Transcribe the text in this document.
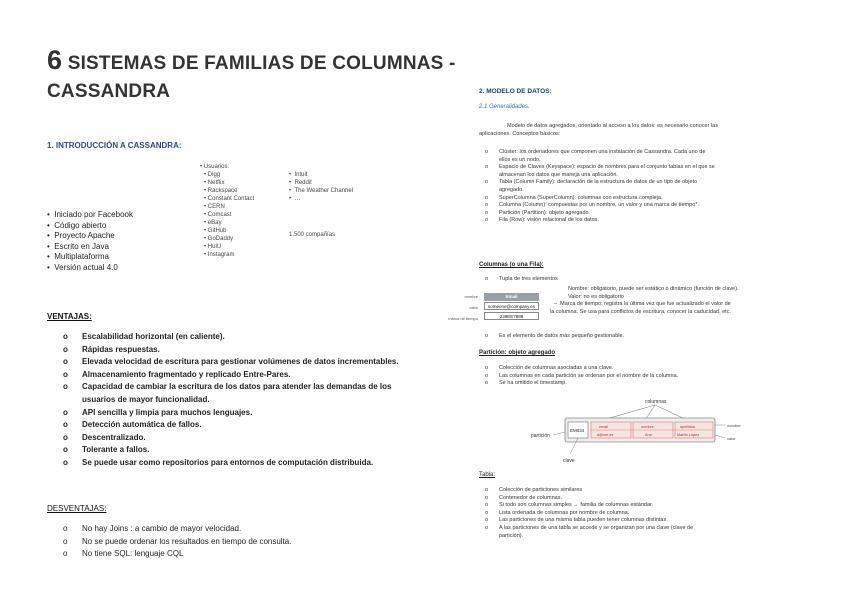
6 SISTEMAS DE FAMILIAS DE COLUMNAS -
CASSANDRA
1. INTRODUCCIÓN A CASSANDRA:
•  Iniciado por Facebook
•  Código abierto
•  Proyecto Apache
•  Escrito en Java
•  Multiplataforma
•  Versión actual 4.0
• Usuarios:
• Digg
• Netflix
• Rackspace
• Constant Contact
• CERN
• Comcast
• eBay
• GitHub
• GoDaddy
• HulU
• Instagram
•  Intuit
•  Reddit
•  The Weather Channel
•  …
1.500 compañías
VENTAJAS:
o Escalabilidad horizontal (en caliente).
o Rápidas respuestas.
o Elevada velocidad de escritura para gestionar volúmenes de datos incrementables.
o Almacenamiento fragmentado y replicado Entre-Pares.
o Capacidad de cambiar la escritura de los datos para atender las demandas de los
usuarios de mayor funcionalidad.
o API sencilla y limpia para muchos lenguajes.
o Detección automática de fallos.
o Descentralizado.
o Tolerante a fallos.
o Se puede usar como repositorios para entornos de computación distribuida.
DESVENTAJAS:
o No hay Joins : a cambio de mayor velocidad.
o No se puede ordenar los resultados en tiempo de consulta.
o No tiene SQL: lenguaje CQL
2. MODELO DE DATOS:
2.1 Generalidades.
Modelo de datos agregados, orientado al acceso a los datos: es necesario conocer las
aplicaciones. Conceptos básicos:
o Clúster: los ordenadores que componen una instalación de Cassandra. Cada uno de
ellos es un nodo.
o Espacio de Claves (Keyspace): espacio de nombres para el conjunto tablas en el que se
almacenan los datos que maneja una aplicación.
o Tabla (Column Family): declaración de la estructura de datos de un tipo de objeto
agregado.
o SuperColumna (SuperColumn): columnas con estructura compleja.
o Columna (Column): compuestas por un nombre, un valor y una marca de tiempo*.
o Partición (Partition): objeto agregado.
o Fila (Row): visión relacional de los datos.
Columnas (o una Fila):
o Tupla de tres elementos
nombre
valor
marca de tiempo
Email
someone@company.es
239EE7899
Nombre: obligatorio, puede ser estático o dinámico (función de clave).
Valor: no es obligatorio
–  Marca de tiempo: registra la última vez que fue actualizado el valor de
la columna. Se usa para conflictos de escritura, conocer la caducidad, etc.
o Es el elemento de datos más pequeño gestionable.
Partición: objeto agregado
o Colección de columnas asociadas a una clave.
o Las columnas en cada partición se ordenan por el nombre de la columna.
o Se ha omitido el timestamp.
columnas
EM034
email	nombre	apellidos
a@me.es	Ana	Martín López
nombre
valor
partición
clave
Tabla:
o Colección de particiones similares
o Contenedor de columnas.
o Si todo son columnas simples → familia de columnas estándar.
o Lista ordenada de columnas por nombre de columna.
o Las particiones de una misma tabla pueden tener columnas distintas.
o A las particiones de una tabla se accede y se organizan por una clave (clave de
partición).
